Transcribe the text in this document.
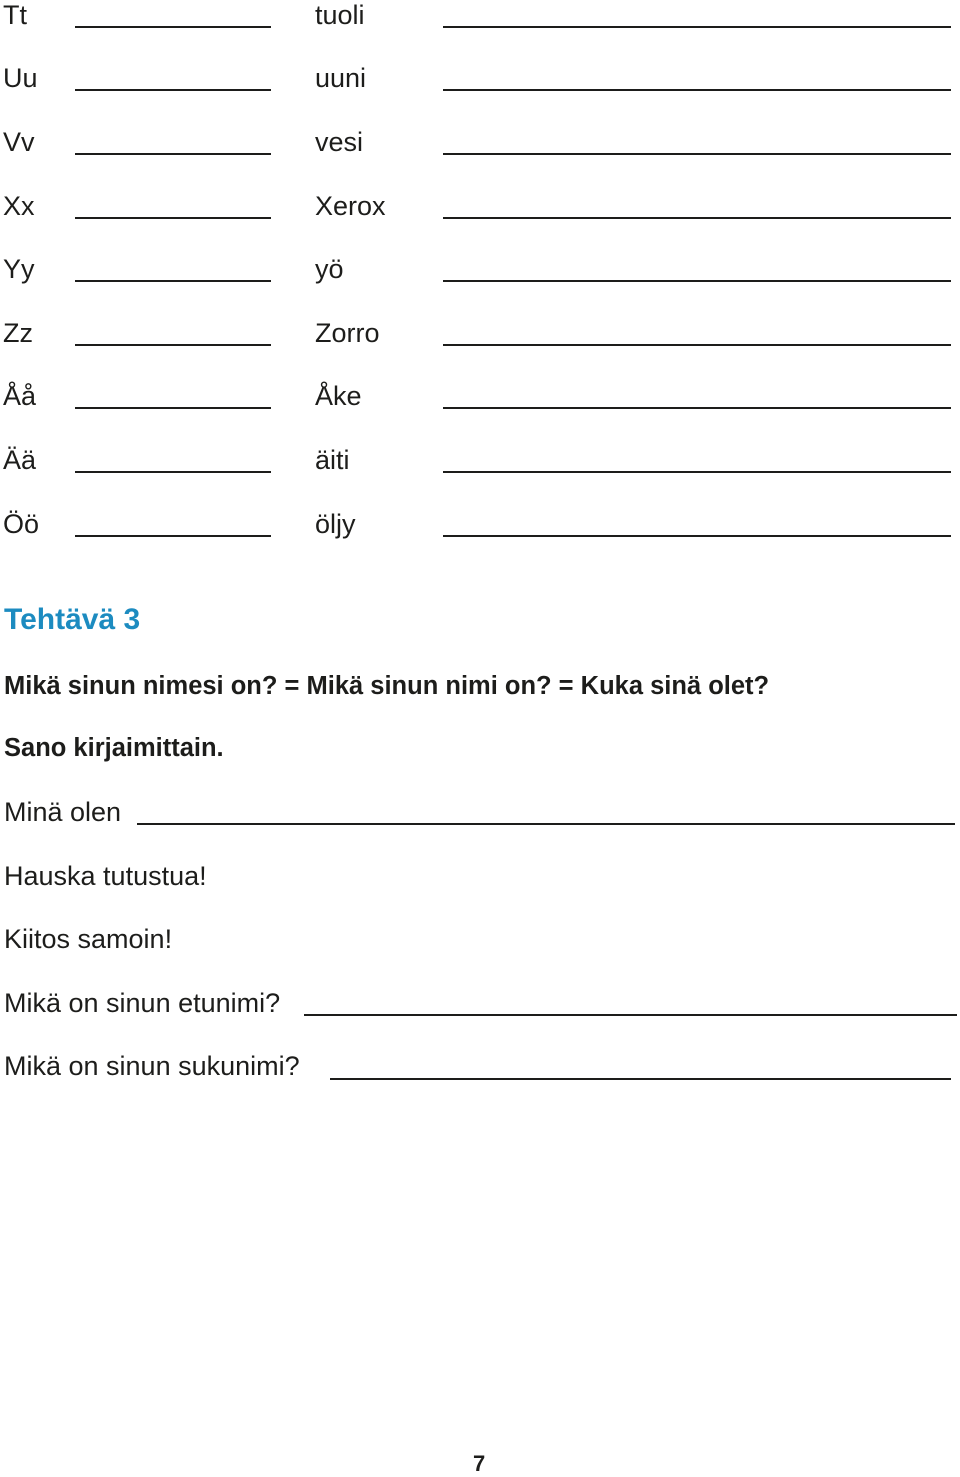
Tt	tuoli
Uu	uuni
Vv	vesi
Xx	Xerox
Yy	yö
Zz	Zorro
Åå	Åke
Ää	äiti
Öö	öljy
Tehtävä 3
Mikä sinun nimesi on? = Mikä sinun nimi on? = Kuka sinä olet?
Sano kirjaimittain.
Minä olen
Hauska tutustua!
Kiitos samoin!
Mikä on sinun etunimi?
Mikä on sinun sukunimi?
7
